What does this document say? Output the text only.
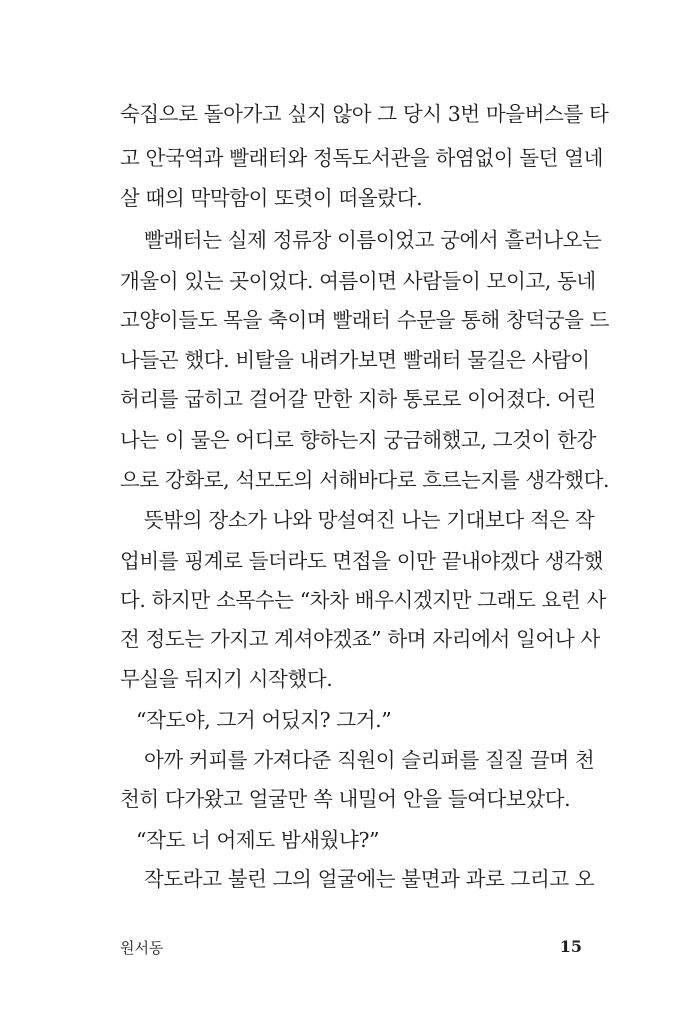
숙집으로 돌아가고 싶지 않아 그 당시 3번 마을버스를 타
고 안국역과 빨래터와 정독도서관을 하염없이 돌던 열네
살 때의 막막함이 또렷이 떠올랐다.
빨래터는 실제 정류장 이름이었고 궁에서 흘러나오는
개울이 있는 곳이었다. 여름이면 사람들이 모이고, 동네
고양이들도 목을 축이며 빨래터 수문을 통해 창덕궁을 드
나들곤 했다. 비탈을 내려가보면 빨래터 물길은 사람이
허리를 굽히고 걸어갈 만한 지하 통로로 이어졌다. 어린
나는 이 물은 어디로 향하는지 궁금해했고, 그것이 한강
으로 강화로, 석모도의 서해바다로 흐르는지를 생각했다.
뜻밖의 장소가 나와 망설여진 나는 기대보다 적은 작
업비를 핑계로 들더라도 면접을 이만 끝내야겠다 생각했
다. 하지만 소목수는 “차차 배우시겠지만 그래도 요런 사
전 정도는 가지고 계셔야겠죠” 하며 자리에서 일어나 사
무실을 뒤지기 시작했다.
“작도야, 그거 어딨지? 그거.”
아까 커피를 가져다준 직원이 슬리퍼를 질질 끌며 천
천히 다가왔고 얼굴만 쏙 내밀어 안을 들여다보았다.
“작도 너 어제도 밤새웠냐?”
작도라고 불린 그의 얼굴에는 불면과 과로 그리고 오
원서동	15
